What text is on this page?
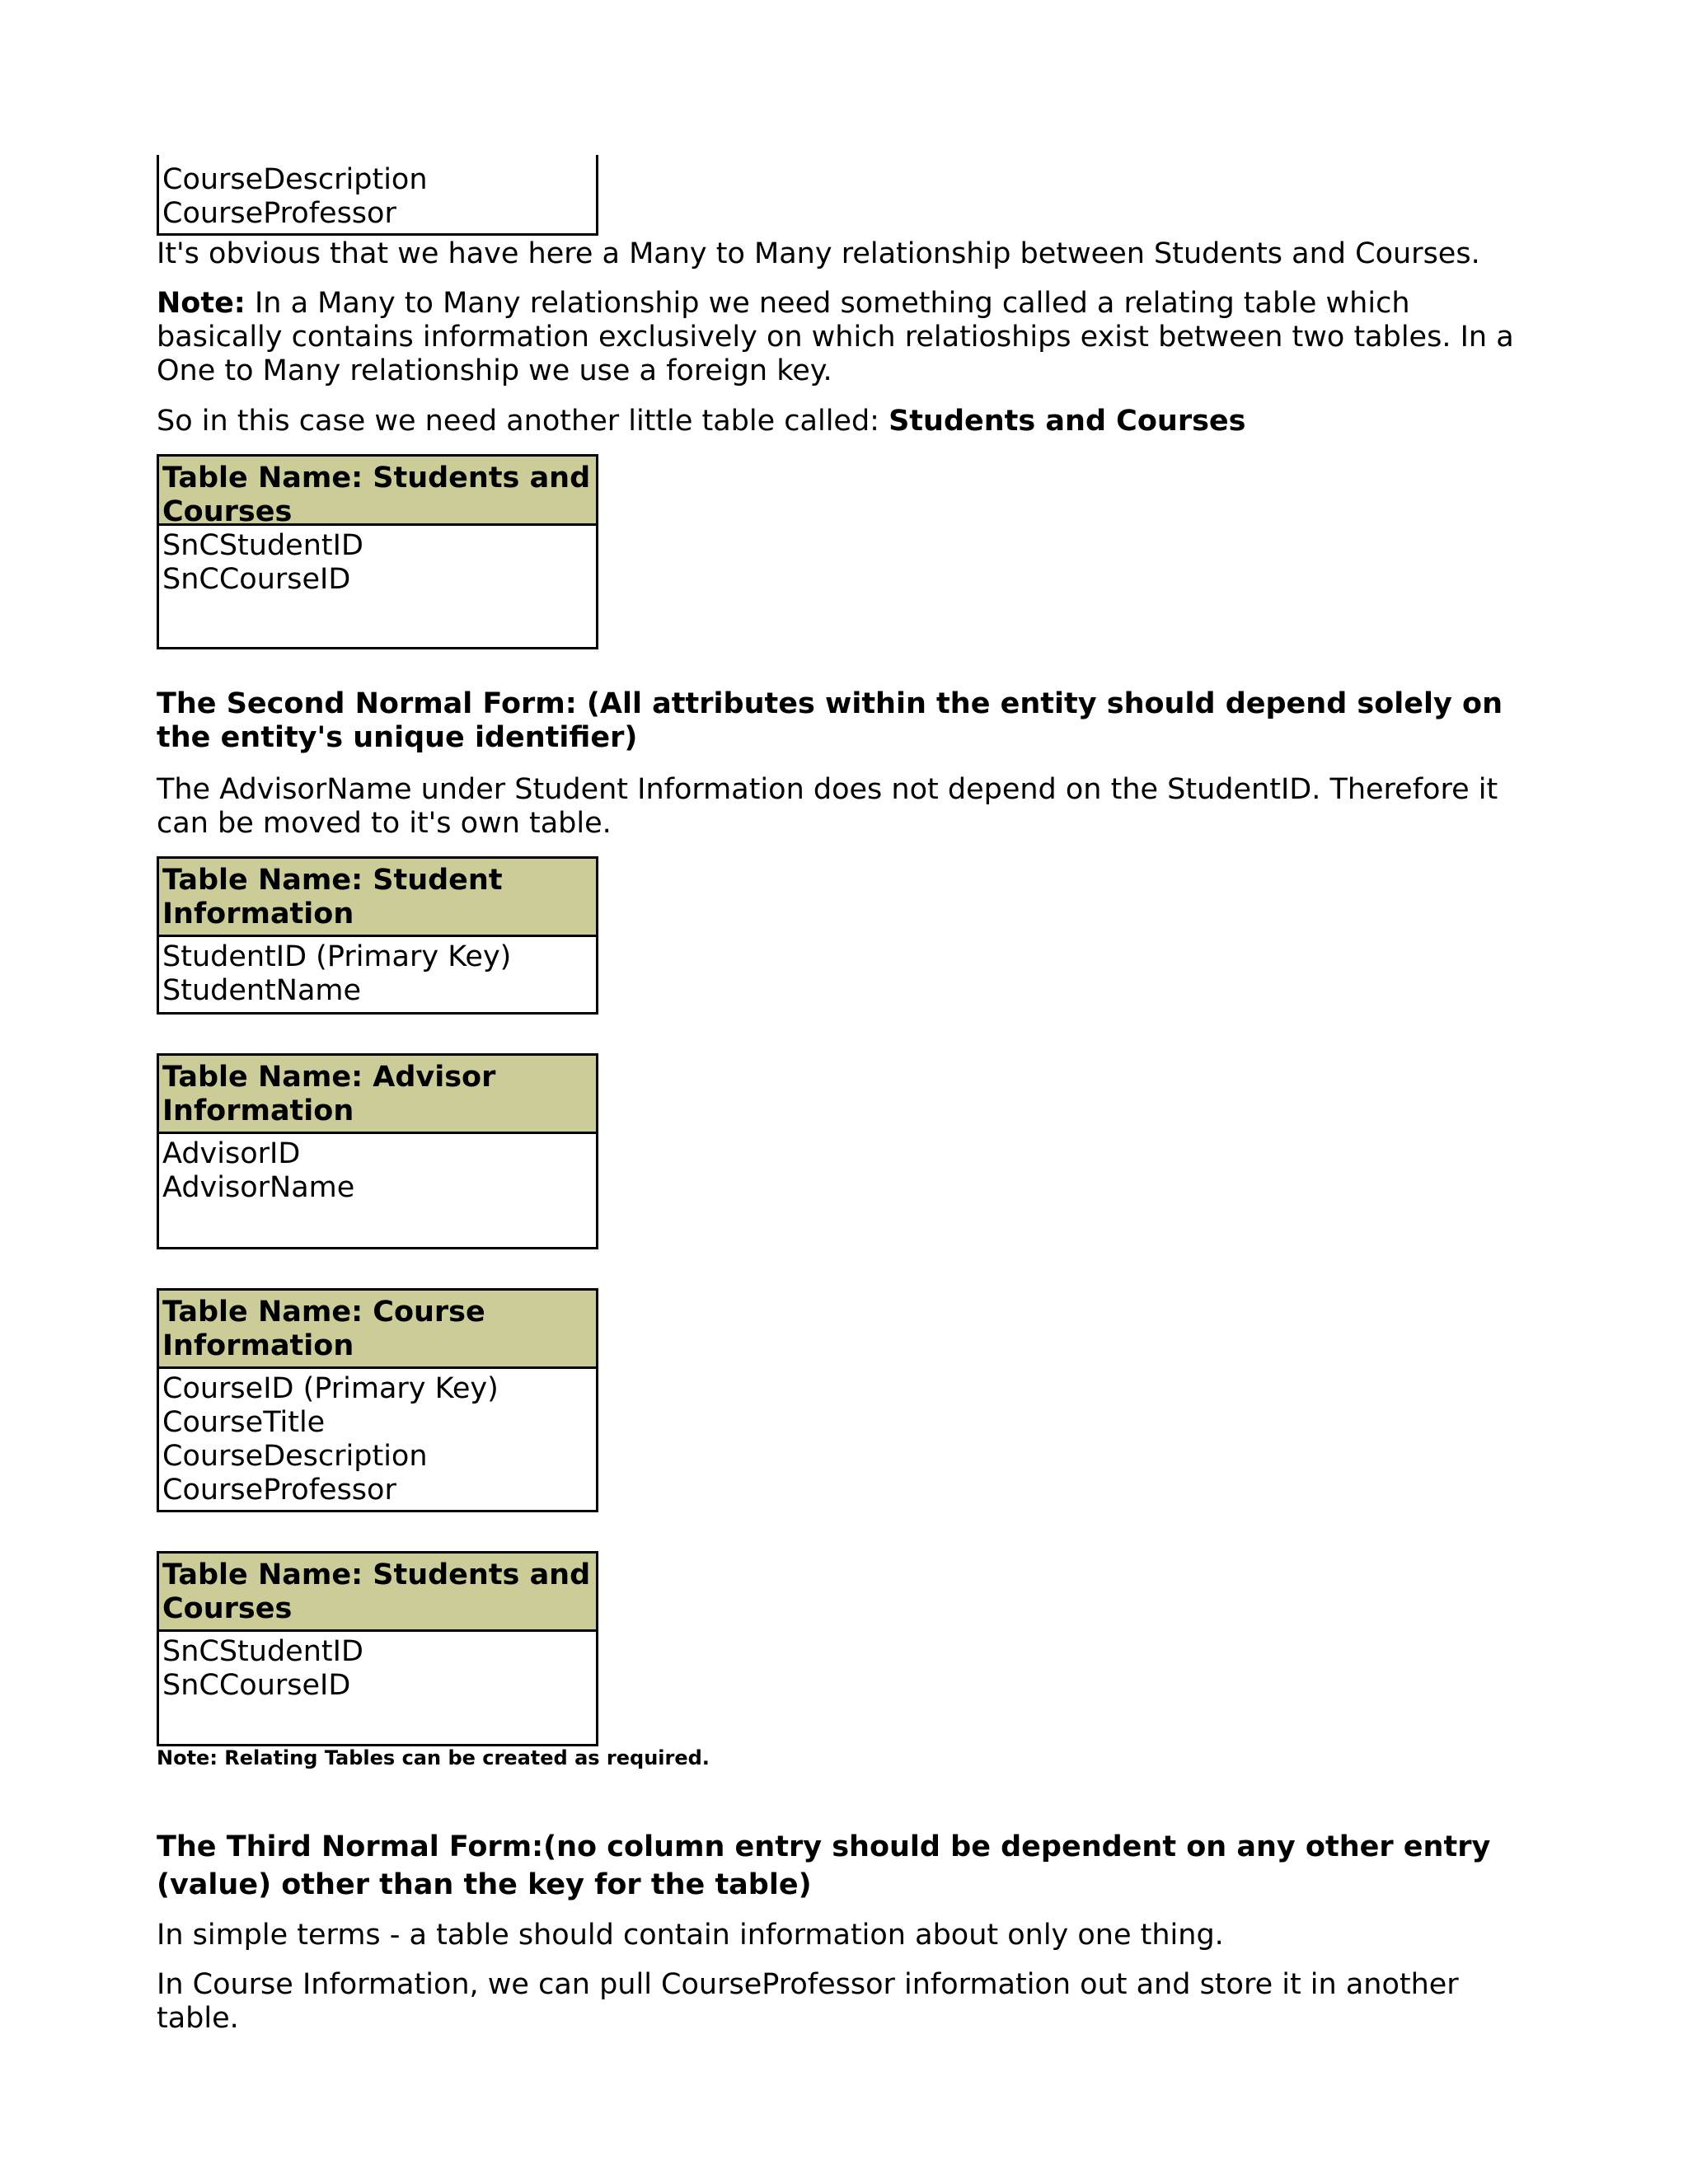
CourseDescription
CourseProfessor

It's obvious that we have here a Many to Many relationship between Students and Courses.

Note: In a Many to Many relationship we need something called a relating table which basically contains information exclusively on which relatioships exist between two tables. In a One to Many relationship we use a foreign key.

So in this case we need another little table called: Students and Courses

Table Name: Students and Courses
SnCStudentID
SnCCourseID

The Second Normal Form: (All attributes within the entity should depend solely on the entity's unique identifier)

The AdvisorName under Student Information does not depend on the StudentID. Therefore it can be moved to it's own table.

Table Name: Student Information
StudentID (Primary Key)
StudentName
Table Name: Advisor Information
AdvisorID
AdvisorName
Table Name: Course Information
CourseID (Primary Key)
CourseTitle
CourseDescription
CourseProfessor
Table Name: Students and Courses
SnCStudentID
SnCCourseID
Note: Relating Tables can be created as required.

The Third Normal Form:(no column entry should be dependent on any other entry (value) other than the key for the table)

In simple terms - a table should contain information about only one thing.

In Course Information, we can pull CourseProfessor information out and store it in another table.
